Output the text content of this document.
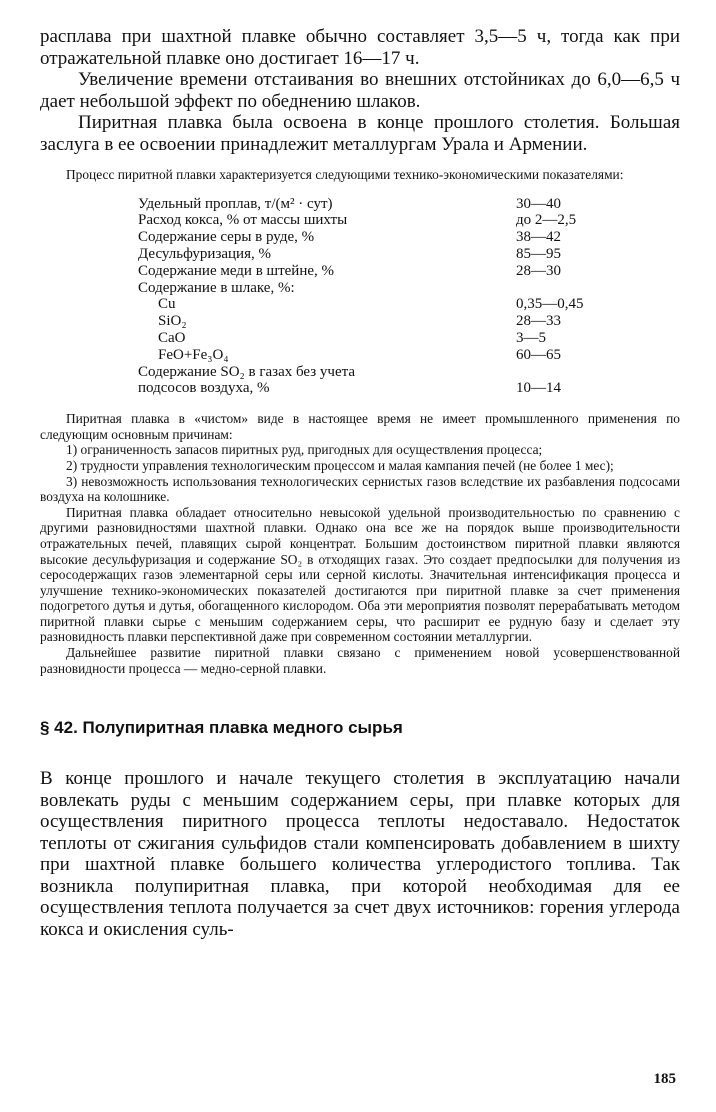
расплава при шахтной плавке обычно составляет 3,5—5 ч, тогда как при отражательной плавке оно достигает 16—17 ч.

Увеличение времени отстаивания во внешних отстойниках до 6,0—6,5 ч дает небольшой эффект по обеднению шлаков.

Пиритная плавка была освоена в конце прошлого столетия. Большая заслуга в ее освоении принадлежит металлургам Урала и Армении.

Процесс пиритной плавки характеризуется следующими технико-экономическими показателями:

Удельный проплав, т/(м² · сут)	30—40
Расход кокса, % от массы шихты	до 2—2,5
Содержание серы в руде, %	38—42
Десульфуризация, %	85—95
Содержание меди в штейне, %	28—30
Содержание в шлаке, %:	
Cu	0,35—0,45
SiO₂	28—33
CaO	3—5
FeO+Fe₃O₄	60—65
Содержание SO₂ в газах без учета	
подсосов воздуха, %	10—14

Пиритная плавка в «чистом» виде в настоящее время не имеет промышленного применения по следующим основным причинам:

1) ограниченность запасов пиритных руд, пригодных для осуществления процесса;

2) трудности управления технологическим процессом и малая кампания печей (не более 1 мес);

3) невозможность использования технологических сернистых газов вследствие их разбавления подсосами воздуха на колошнике.

Пиритная плавка обладает относительно невысокой удельной производительностью по сравнению с другими разновидностями шахтной плавки. Однако она все же на порядок выше производительности отражательных печей, плавящих сырой концентрат. Большим достоинством пиритной плавки являются высокие десульфуризация и содержание SO₂ в отходящих газах. Это создает предпосылки для получения из серосодержащих газов элементарной серы или серной кислоты. Значительная интенсификация процесса и улучшение технико-экономических показателей достигаются при пиритной плавке за счет применения подогретого дутья и дутья, обогащенного кислородом. Оба эти мероприятия позволят перерабатывать методом пиритной плавки сырье с меньшим содержанием серы, что расширит ее рудную базу и сделает эту разновидность плавки перспективной даже при современном состоянии металлургии.

Дальнейшее развитие пиритной плавки связано с применением новой усовершенствованной разновидности процесса — медно-серной плавки.

§ 42. Полупиритная плавка медного сырья

В конце прошлого и начале текущего столетия в эксплуатацию начали вовлекать руды с меньшим содержанием серы, при плавке которых для осуществления пиритного процесса теплоты недоставало. Недостаток теплоты от сжигания сульфидов стали компенсировать добавлением в шихту при шахтной плавке большего количества углеродистого топлива. Так возникла полупиритная плавка, при которой необходимая для ее осуществления теплота получается за счет двух источников: горения углерода кокса и окисления суль-

185
